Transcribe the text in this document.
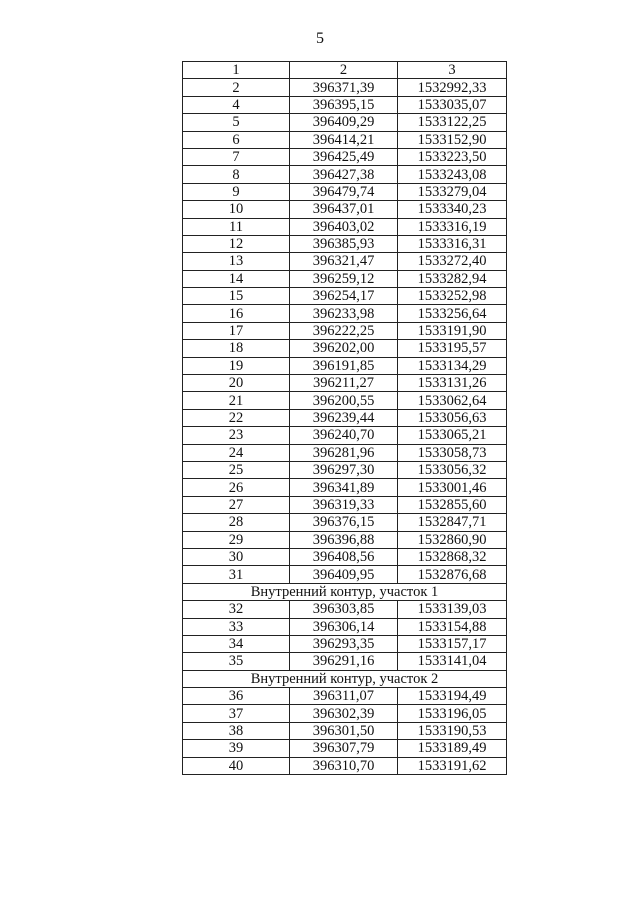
5
1	2	3
2	396371,39	1532992,33
4	396395,15	1533035,07
5	396409,29	1533122,25
6	396414,21	1533152,90
7	396425,49	1533223,50
8	396427,38	1533243,08
9	396479,74	1533279,04
10	396437,01	1533340,23
11	396403,02	1533316,19
12	396385,93	1533316,31
13	396321,47	1533272,40
14	396259,12	1533282,94
15	396254,17	1533252,98
16	396233,98	1533256,64
17	396222,25	1533191,90
18	396202,00	1533195,57
19	396191,85	1533134,29
20	396211,27	1533131,26
21	396200,55	1533062,64
22	396239,44	1533056,63
23	396240,70	1533065,21
24	396281,96	1533058,73
25	396297,30	1533056,32
26	396341,89	1533001,46
27	396319,33	1532855,60
28	396376,15	1532847,71
29	396396,88	1532860,90
30	396408,56	1532868,32
31	396409,95	1532876,68
Внутренний контур, участок 1		
32	396303,85	1533139,03
33	396306,14	1533154,88
34	396293,35	1533157,17
35	396291,16	1533141,04
Внутренний контур, участок 2		
36	396311,07	1533194,49
37	396302,39	1533196,05
38	396301,50	1533190,53
39	396307,79	1533189,49
40	396310,70	1533191,62
